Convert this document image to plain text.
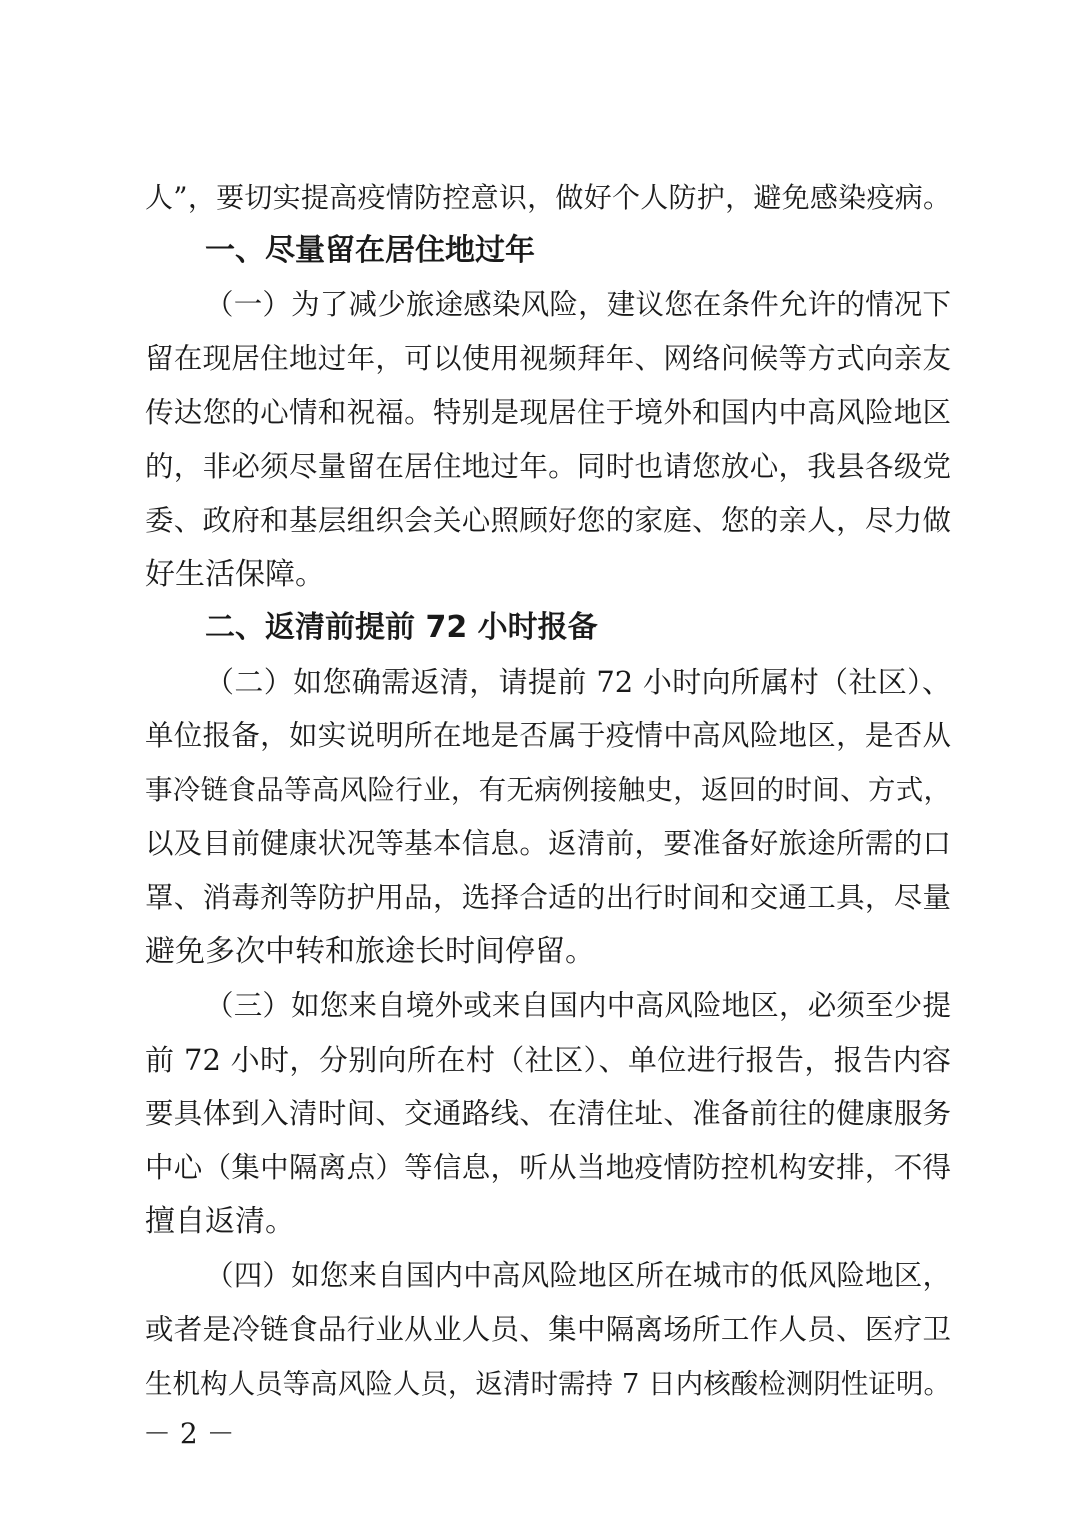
人”，要切实提高疫情防控意识，做好个人防护，避免感染疫病。
一、尽量留在居住地过年
（一）为了减少旅途感染风险，建议您在条件允许的情况下
留在现居住地过年，可以使用视频拜年、网络问候等方式向亲友
传达您的心情和祝福。特别是现居住于境外和国内中高风险地区
的，非必须尽量留在居住地过年。同时也请您放心，我县各级党
委、政府和基层组织会关心照顾好您的家庭、您的亲人，尽力做
好生活保障。
二、返清前提前 72 小时报备
（二）如您确需返清，请提前 72 小时向所属村（社区）、
单位报备，如实说明所在地是否属于疫情中高风险地区，是否从
事冷链食品等高风险行业，有无病例接触史，返回的时间、方式，
以及目前健康状况等基本信息。返清前，要准备好旅途所需的口
罩、消毒剂等防护用品，选择合适的出行时间和交通工具，尽量
避免多次中转和旅途长时间停留。
（三）如您来自境外或来自国内中高风险地区，必须至少提
前 72 小时，分别向所在村（社区）、单位进行报告，报告内容
要具体到入清时间、交通路线、在清住址、准备前往的健康服务
中心（集中隔离点）等信息，听从当地疫情防控机构安排，不得
擅自返清。
（四）如您来自国内中高风险地区所在城市的低风险地区，
或者是冷链食品行业从业人员、集中隔离场所工作人员、医疗卫
生机构人员等高风险人员，返清时需持 7 日内核酸检测阴性证明。
－ 2 －
